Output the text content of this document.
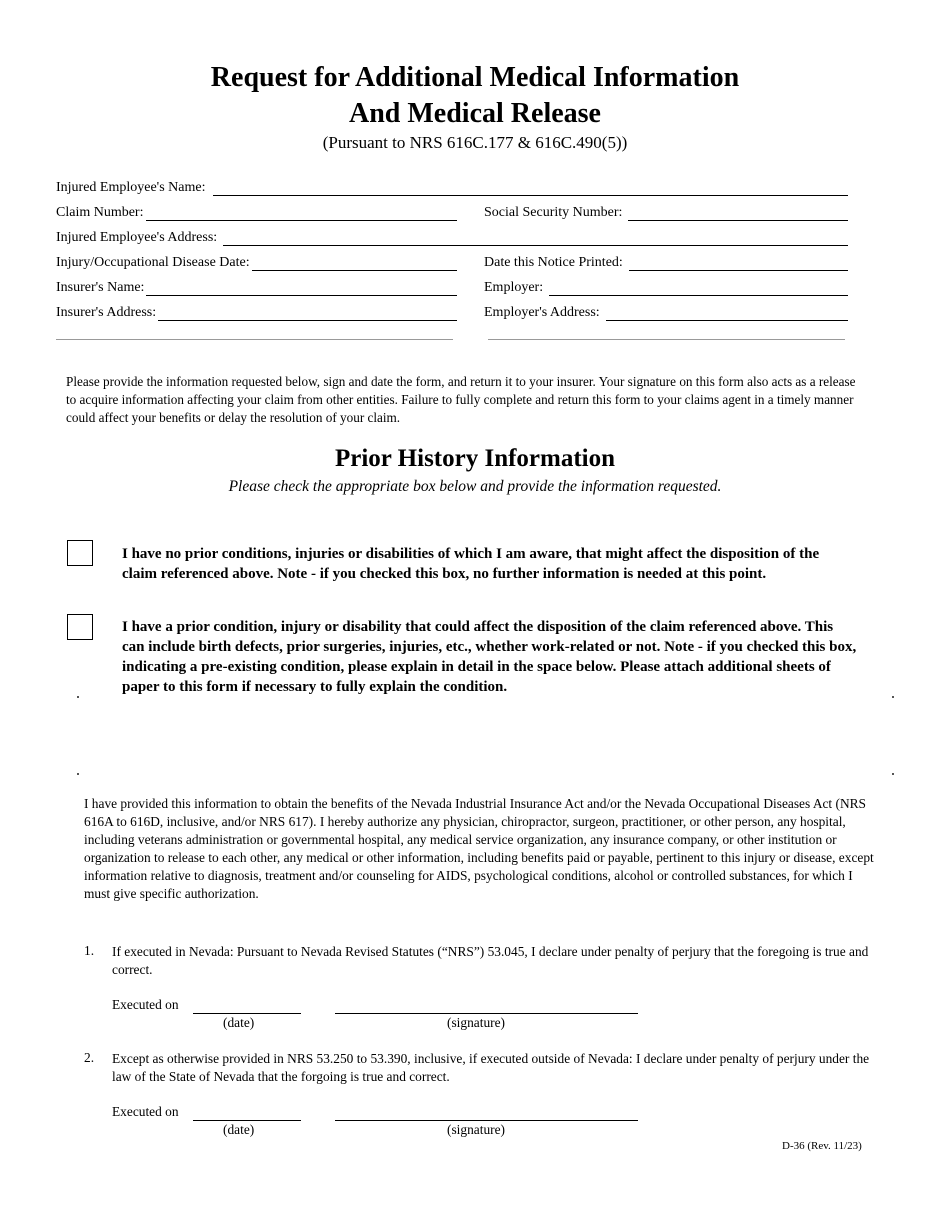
Request for Additional Medical Information
And Medical Release
(Pursuant to NRS 616C.177 & 616C.490(5))
Injured Employee's Name:
Claim Number:	Social Security Number:
Injured Employee's Address:
Injury/Occupational Disease Date:	Date this Notice Printed:
Insurer's Name:	Employer:
Insurer's Address:	Employer's Address:
Please provide the information requested below, sign and date the form, and return it to your insurer. Your signature on this form also acts as a release to acquire information affecting your claim from other entities. Failure to fully complete and return this form to your claims agent in a timely manner could affect your benefits or delay the resolution of your claim.
Prior History Information
Please check the appropriate box below and provide the information requested.
I have no prior conditions, injuries or disabilities of which I am aware, that might affect the disposition of the claim referenced above. Note - if you checked this box, no further information is needed at this point.
I have a prior condition, injury or disability that could affect the disposition of the claim referenced above. This can include birth defects, prior surgeries, injuries, etc., whether work-related or not. Note - if you checked this box, indicating a pre-existing condition, please explain in detail in the space below. Please attach additional sheets of paper to this form if necessary to fully explain the condition.
I have provided this information to obtain the benefits of the Nevada Industrial Insurance Act and/or the Nevada Occupational Diseases Act (NRS 616A to 616D, inclusive, and/or NRS 617). I hereby authorize any physician, chiropractor, surgeon, practitioner, or other person, any hospital, including veterans administration or governmental hospital, any medical service organization, any insurance company, or other institution or organization to release to each other, any medical or other information, including benefits paid or payable, pertinent to this injury or disease, except information relative to diagnosis, treatment and/or counseling for AIDS, psychological conditions, alcohol or controlled substances, for which I must give specific authorization.
1. If executed in Nevada: Pursuant to Nevada Revised Statutes (“NRS”) 53.045, I declare under penalty of perjury that the foregoing is true and correct.
Executed on
(date)	(signature)
2. Except as otherwise provided in NRS 53.250 to 53.390, inclusive, if executed outside of Nevada: I declare under penalty of perjury under the law of the State of Nevada that the forgoing is true and correct.
Executed on
(date)	(signature)
D-36 (Rev. 11/23)
